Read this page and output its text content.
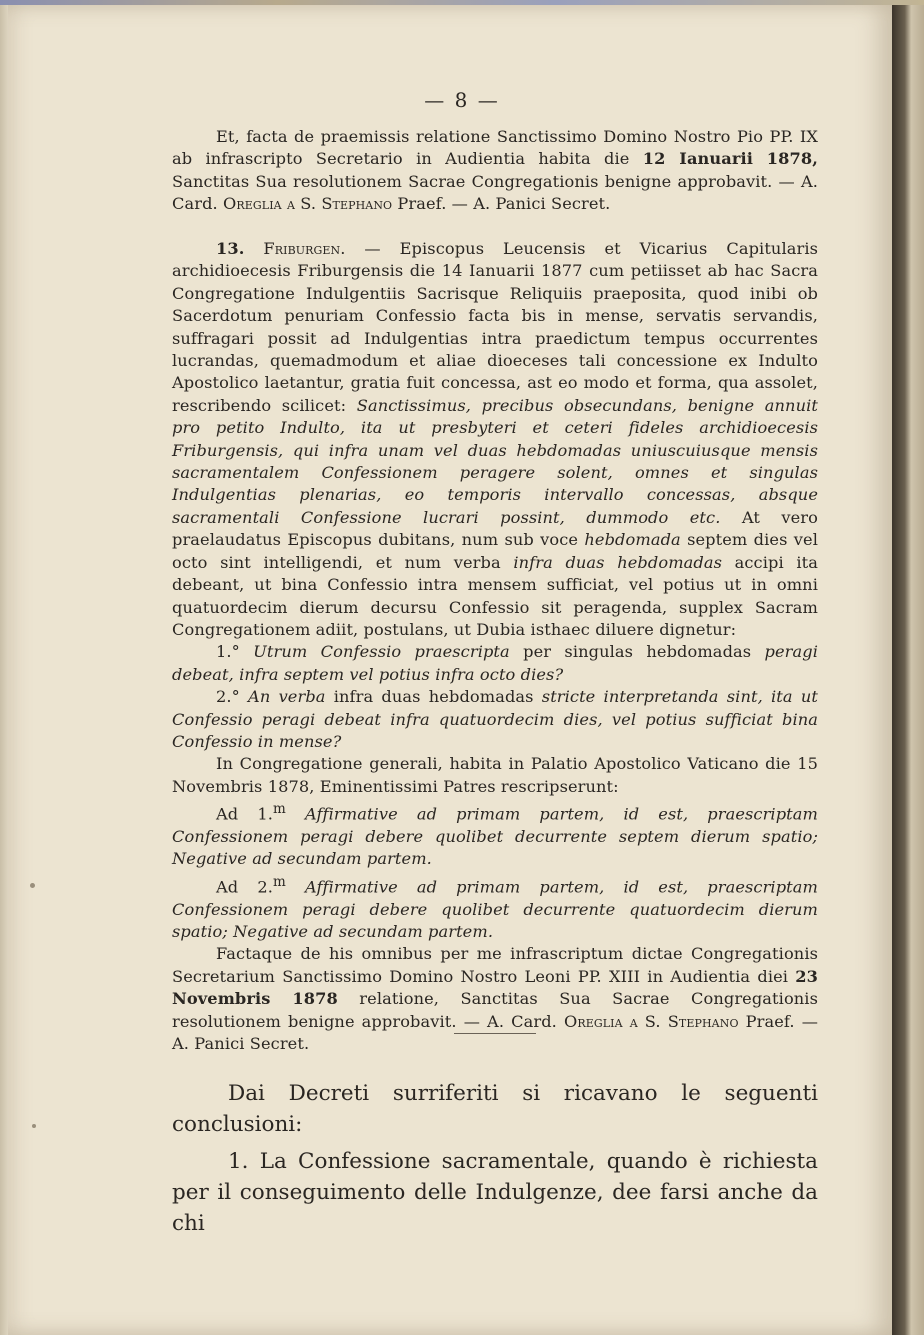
— 8 —

Et, facta de praemissis relatione Sanctissimo Domino Nostro Pio PP. IX ab infrascripto Secretario in Audientia habita die 12 Ianuarii 1878, Sanctitas Sua resolutionem Sacrae Congregationis benigne approbavit. — A. Card. Oreglia a S. Stephano Praef. — A. Panici Secret.

13. Friburgen. — Episcopus Leucensis et Vicarius Capitularis archidioecesis Friburgensis die 14 Ianuarii 1877 cum petiisset ab hac Sacra Congregatione Indulgentiis Sacrisque Reliquiis praeposita, quod inibi ob Sacerdotum penuriam Confessio facta bis in mense, servatis servandis, suffragari possit ad Indulgentias intra praedictum tempus occurrentes lucrandas, quemadmodum et aliae dioeceses tali concessione ex Indulto Apostolico laetantur, gratia fuit concessa, ast eo modo et forma, qua assolet, rescribendo scilicet: Sanctissimus, precibus obsecundans, benigne annuit pro petito Indulto, ita ut presbyteri et ceteri fideles archidioecesis Friburgensis, qui infra unam vel duas hebdomadas uniuscuiusque mensis sacramentalem Confessionem peragere solent, omnes et singulas Indulgentias plenarias, eo temporis intervallo concessas, absque sacramentali Confessione lucrari possint, dummodo etc. At vero praelaudatus Episcopus dubitans, num sub voce hebdomada septem dies vel octo sint intelligendi, et num verba infra duas hebdomadas accipi ita debeant, ut bina Confessio intra mensem sufficiat, vel potius ut in omni quatuordecim dierum decursu Confessio sit peragenda, supplex Sacram Congregationem adiit, postulans, ut Dubia isthaec diluere dignetur:

1.° Utrum Confessio praescripta per singulas hebdomadas peragi debeat, infra septem vel potius infra octo dies?

2.° An verba infra duas hebdomadas stricte interpretanda sint, ita ut Confessio peragi debeat infra quatuordecim dies, vel potius sufficiat bina Confessio in mense?

In Congregatione generali, habita in Palatio Apostolico Vaticano die 15 Novembris 1878, Eminentissimi Patres rescripserunt:

Ad 1.$^m$ Affirmative ad primam partem, id est, praescriptam Confessionem peragi debere quolibet decurrente septem dierum spatio; Negative ad secundam partem.

Ad 2.$^m$ Affirmative ad primam partem, id est, praescriptam Confessionem peragi debere quolibet decurrente quatuordecim dierum spatio; Negative ad secundam partem.

Factaque de his omnibus per me infrascriptum dictae Congregationis Secretarium Sanctissimo Domino Nostro Leoni PP. XIII in Audientia diei 23 Novembris 1878 relatione, Sanctitas Sua Sacrae Congregationis resolutionem benigne approbavit. — A. Card. Oreglia a S. Stephano Praef. — A. Panici Secret.

Dai Decreti surriferiti si ricavano le seguenti conclusioni:

1. La Confessione sacramentale, quando è richiesta per il conseguimento delle Indulgenze, dee farsi anche da chi
